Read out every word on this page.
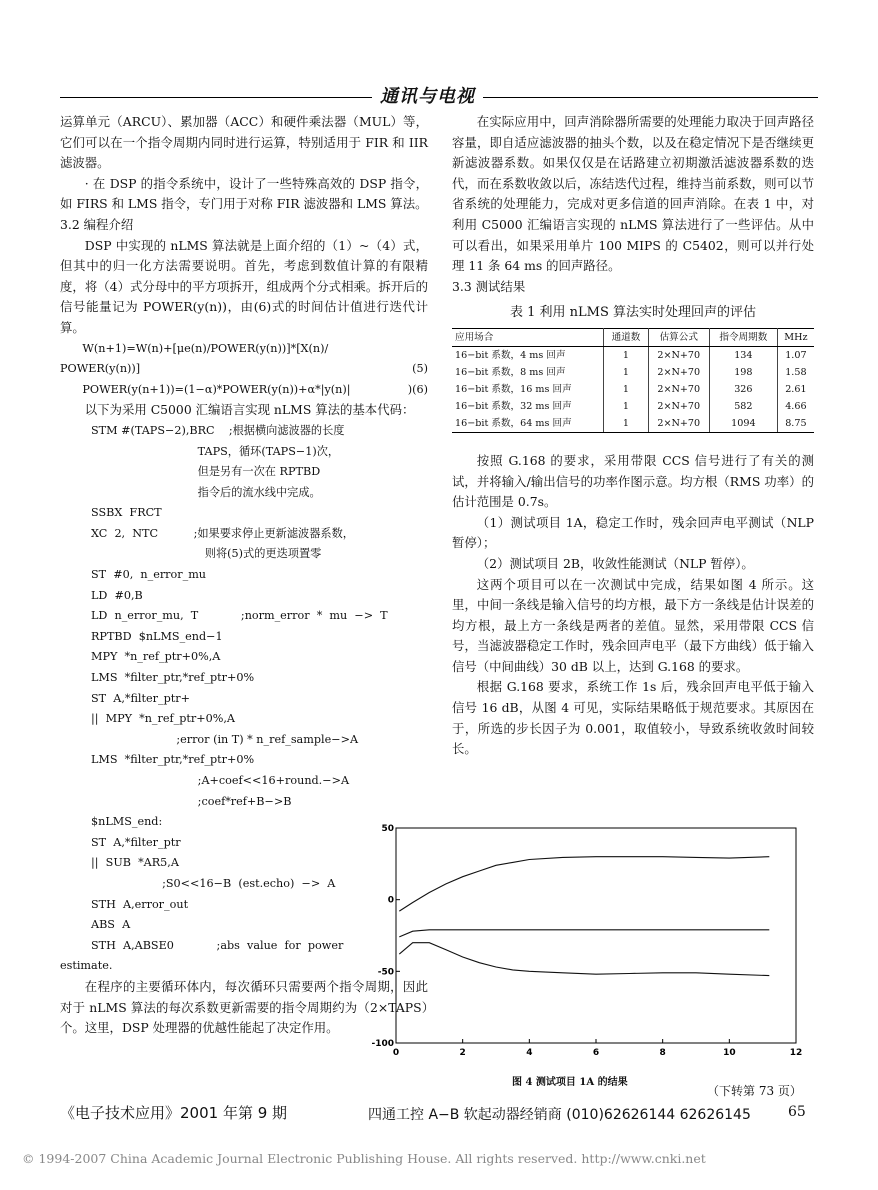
通讯与电视

运算单元（ARCU）、累加器（ACC）和硬件乘法器（MUL）等，它们可以在一个指令周期内同时进行运算，特别适用于 FIR 和 IIR 滤波器。

· 在 DSP 的指令系统中，设计了一些特殊高效的 DSP 指令，如 FIRS 和 LMS 指令，专门用于对称 FIR 滤波器和 LMS 算法。

3.2 编程介绍

DSP 中实现的 nLMS 算法就是上面介绍的（1）~（4）式，但其中的归一化方法需要说明。首先，考虑到数值计算的有限精度，将（4）式分母中的平方项拆开，组成两个分式相乘。拆开后的信号能量记为 POWER(y(n))，由(6)式的时间估计值进行迭代计算。

W(n+1)=W(n)+[μe(n)/POWER(y(n))]*[X(n)/
POWER(y(n))]	(5)
POWER(y(n+1))=(1−α)*POWER(y(n))+α*|y(n)|	)(6)

以下为采用 C5000 汇编语言实现 nLMS 算法的基本代码：

STM #(TAPS−2),BRC    ;根据横向滤波器的长度
TAPS，循环(TAPS−1)次，
但是另有一次在 RPTBD
指令后的流水线中完成。
SSBX  FRCT
XC  2,  NTC          ;如果要求停止更新滤波器系数，
则将(5)式的更迭项置零
ST  #0,  n_error_mu
LD  #0,B
LD  n_error_mu,  T            ;norm_error  *  mu  −>  T
RPTBD  $nLMS_end−1
MPY  *n_ref_ptr+0%,A
LMS  *filter_ptr,*ref_ptr+0%
ST  A,*filter_ptr+
||  MPY  *n_ref_ptr+0%,A
;error (in T) * n_ref_sample−>A
LMS  *filter_ptr,*ref_ptr+0%
;A+coef<<16+round.−>A
;coef*ref+B−>B
$nLMS_end:
ST  A,*filter_ptr
||  SUB  *AR5,A
;S0<<16−B  (est.echo)  −>  A
STH  A,error_out
ABS  A
STH  A,ABSE0            ;abs  value  for  power

estimate.

在程序的主要循环体内，每次循环只需要两个指令周期，因此对于 nLMS 算法的每次系数更新需要的指令周期约为（2×TAPS）个。这里，DSP 处理器的优越性能起了决定作用。

在实际应用中，回声消除器所需要的处理能力取决于回声路径容量，即自适应滤波器的抽头个数，以及在稳定情况下是否继续更新滤波器系数。如果仅仅是在话路建立初期激活滤波器系数的迭代，而在系数收敛以后，冻结迭代过程，维持当前系数，则可以节省系统的处理能力，完成对更多信道的回声消除。在表 1 中，对利用 C5000 汇编语言实现的 nLMS 算法进行了一些评估。从中可以看出，如果采用单片 100 MIPS 的 C5402，则可以并行处理 11 条 64 ms 的回声路径。

3.3 测试结果

表 1 利用 nLMS 算法实时处理回声的评估
应用场合	通道数	估算公式	指令周期数	MHz
16−bit 系数，4 ms 回声	1	2×N+70	134	1.07
16−bit 系数，8 ms 回声	1	2×N+70	198	1.58
16−bit 系数，16 ms 回声	1	2×N+70	326	2.61
16−bit 系数，32 ms 回声	1	2×N+70	582	4.66
16−bit 系数，64 ms 回声	1	2×N+70	1094	8.75

按照 G.168 的要求，采用带限 CCS 信号进行了有关的测试，并将输入/输出信号的功率作图示意。均方根（RMS 功率）的估计范围是 0.7s。

（1）测试项目 1A，稳定工作时，残余回声电平测试（NLP 暂停）；

（2）测试项目 2B，收敛性能测试（NLP 暂停）。

这两个项目可以在一次测试中完成，结果如图 4 所示。这里，中间一条线是输入信号的均方根，最下方一条线是估计误差的均方根，最上方一条线是两者的差值。显然，采用带限 CCS 信号，当滤波器稳定工作时，残余回声电平（最下方曲线）低于输入信号（中间曲线）30 dB 以上，达到 G.168 的要求。

根据 G.168 要求，系统工作 1s 后，残余回声电平低于输入信号 16 dB，从图 4 可见，实际结果略低于规范要求。其原因在于，所选的步长因子为 0.001，取值较小，导致系统收敛时间较长。

0	2	4	6	8	10	12
50
0
-50
-100
图 4 测试项目 1A 的结果
（下转第 73 页）
《电子技术应用》2001 年第 9 期	四通工控 A−B 软起动器经销商 (010)62626144 62626145	65
© 1994-2007 China Academic Journal Electronic Publishing House. All rights reserved. http://www.cnki.net
